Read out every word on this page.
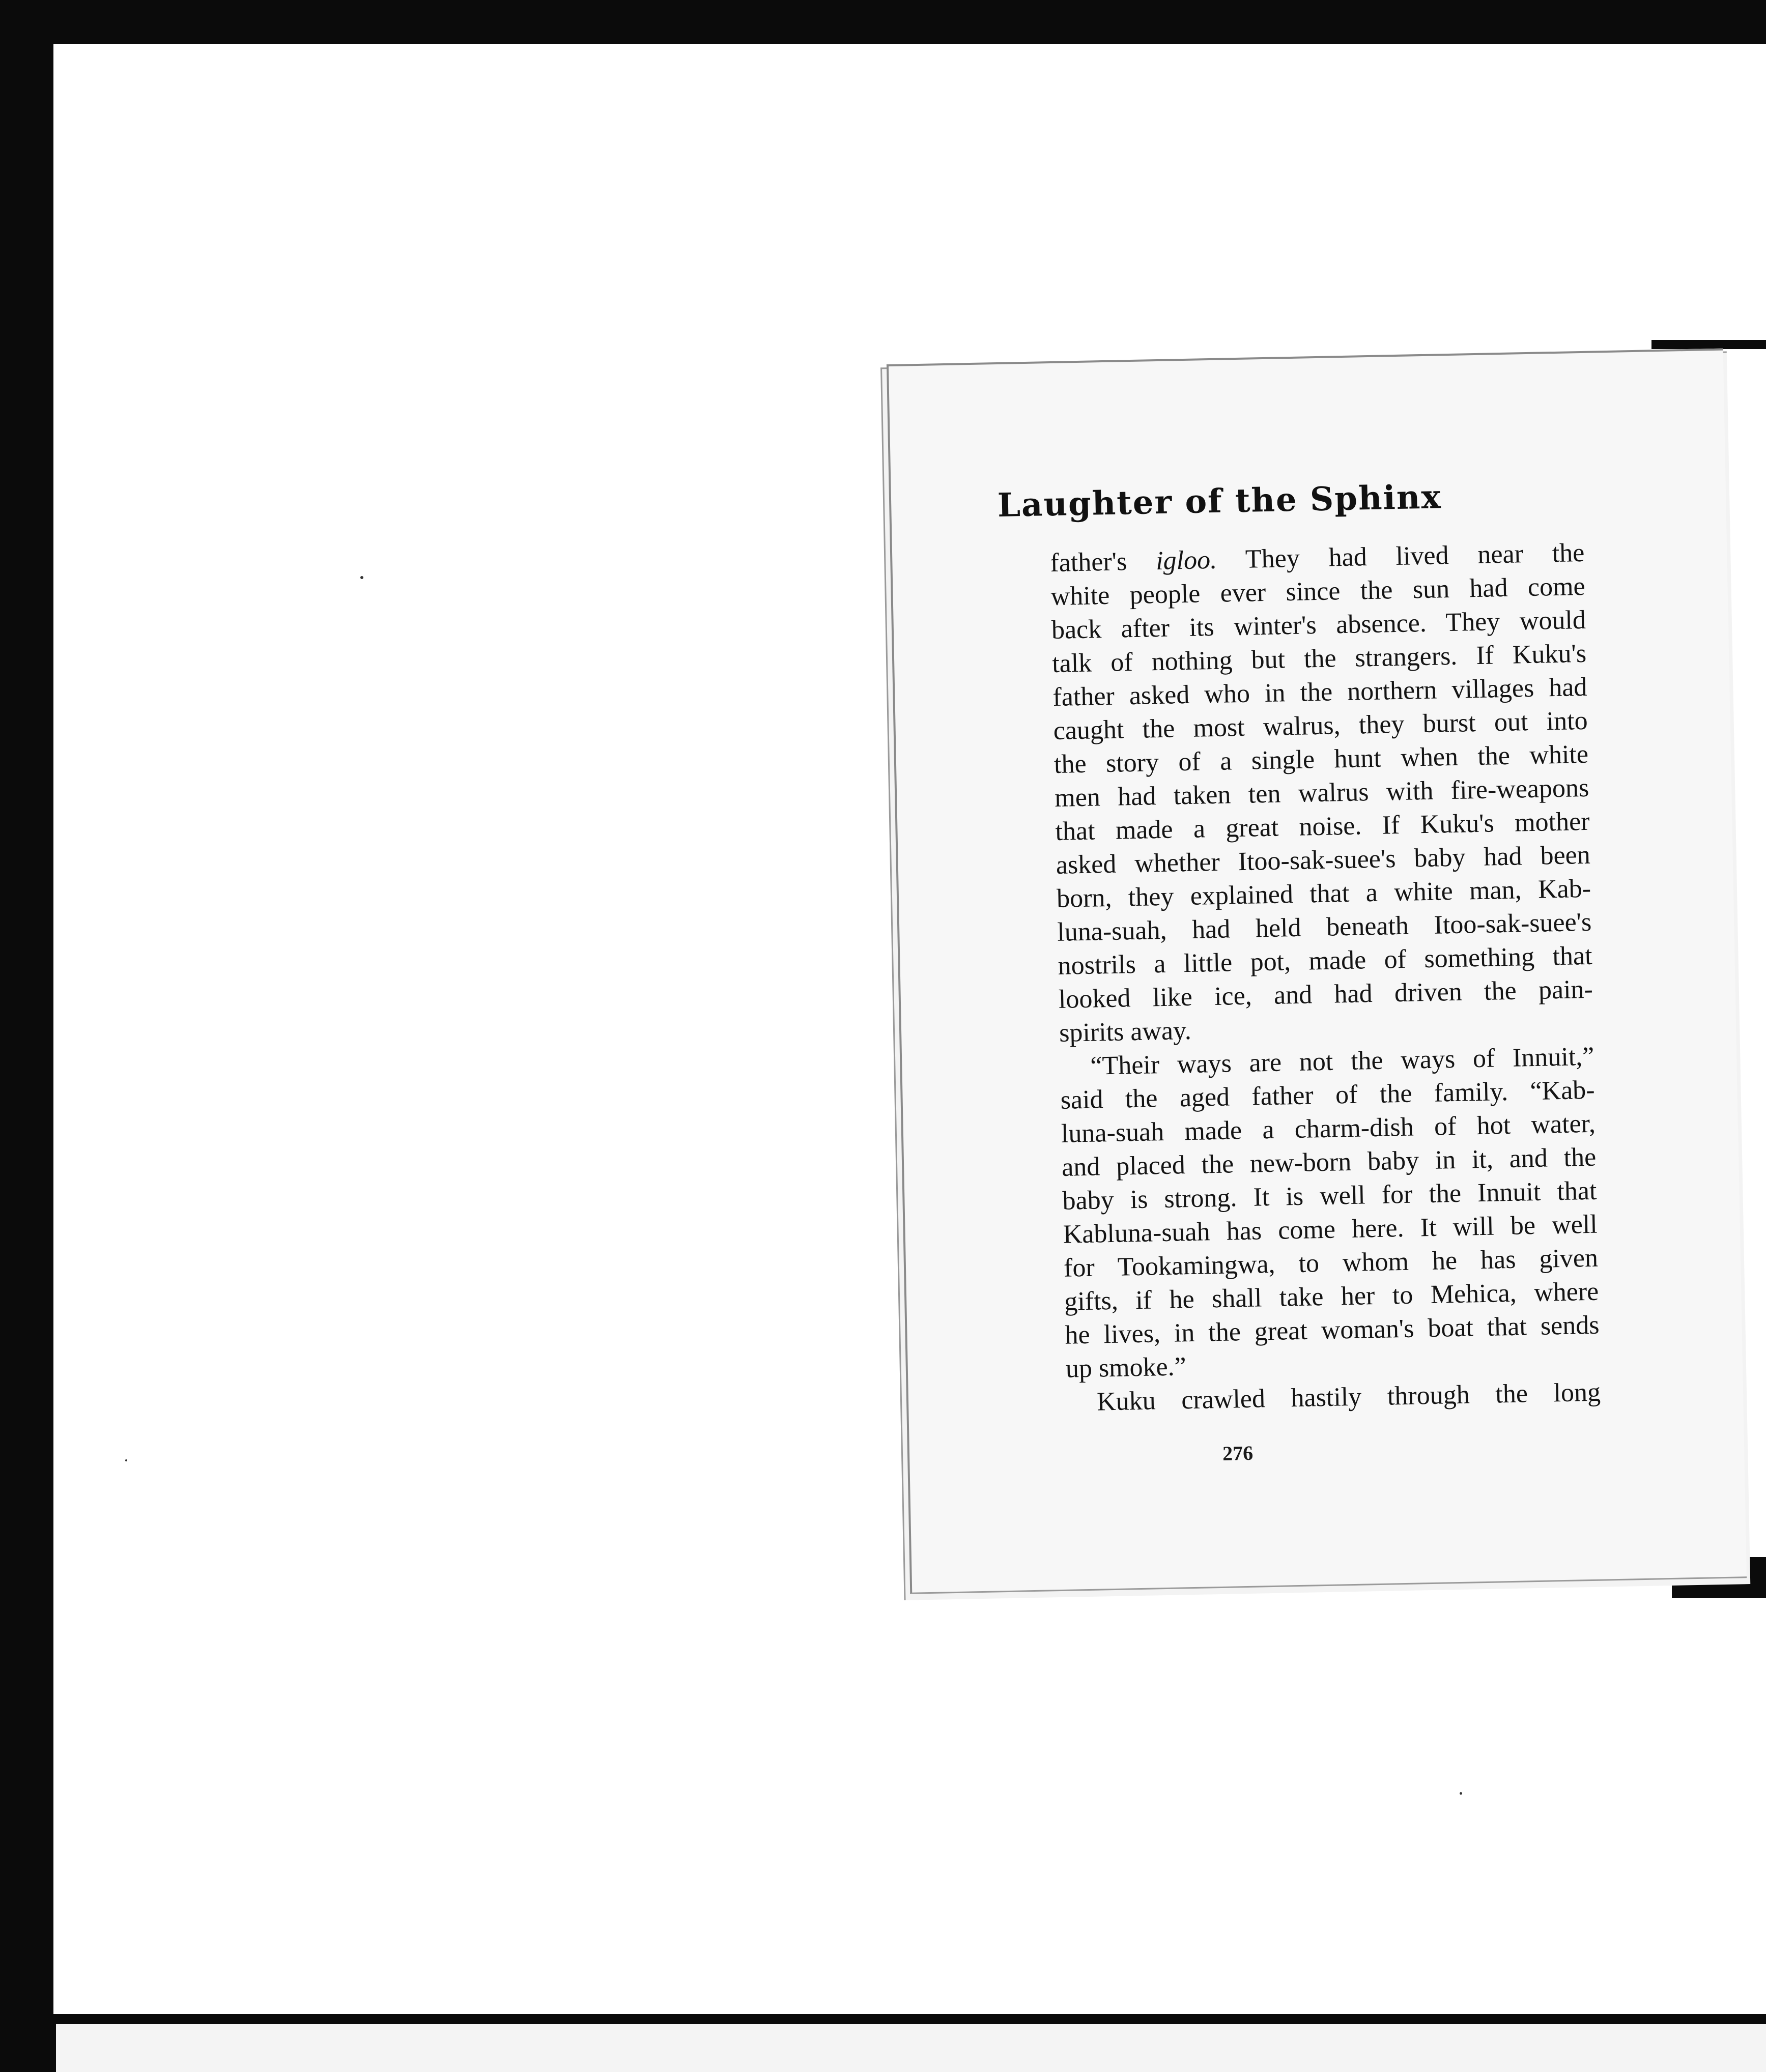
Laughter of the Sphinx
father's igloo. They had lived near the
white people ever since the sun had come
back after its winter's absence. They would
talk of nothing but the strangers. If Kuku's
father asked who in the northern villages had
caught the most walrus, they burst out into
the story of a single hunt when the white
men had taken ten walrus with fire-weapons
that made a great noise. If Kuku's mother
asked whether Itoo-sak-suee's baby had been
born, they explained that a white man, Kab-
luna-suah, had held beneath Itoo-sak-suee's
nostrils a little pot, made of something that
looked like ice, and had driven the pain-
spirits away.
“Their ways are not the ways of Innuit,”
said the aged father of the family. “Kab-
luna-suah made a charm-dish of hot water,
and placed the new-born baby in it, and the
baby is strong. It is well for the Innuit that
Kabluna-suah has come here. It will be well
for Tookamingwa, to whom he has given
gifts, if he shall take her to Mehica, where
he lives, in the great woman's boat that sends
up smoke.”
Kuku crawled hastily through the long
276
